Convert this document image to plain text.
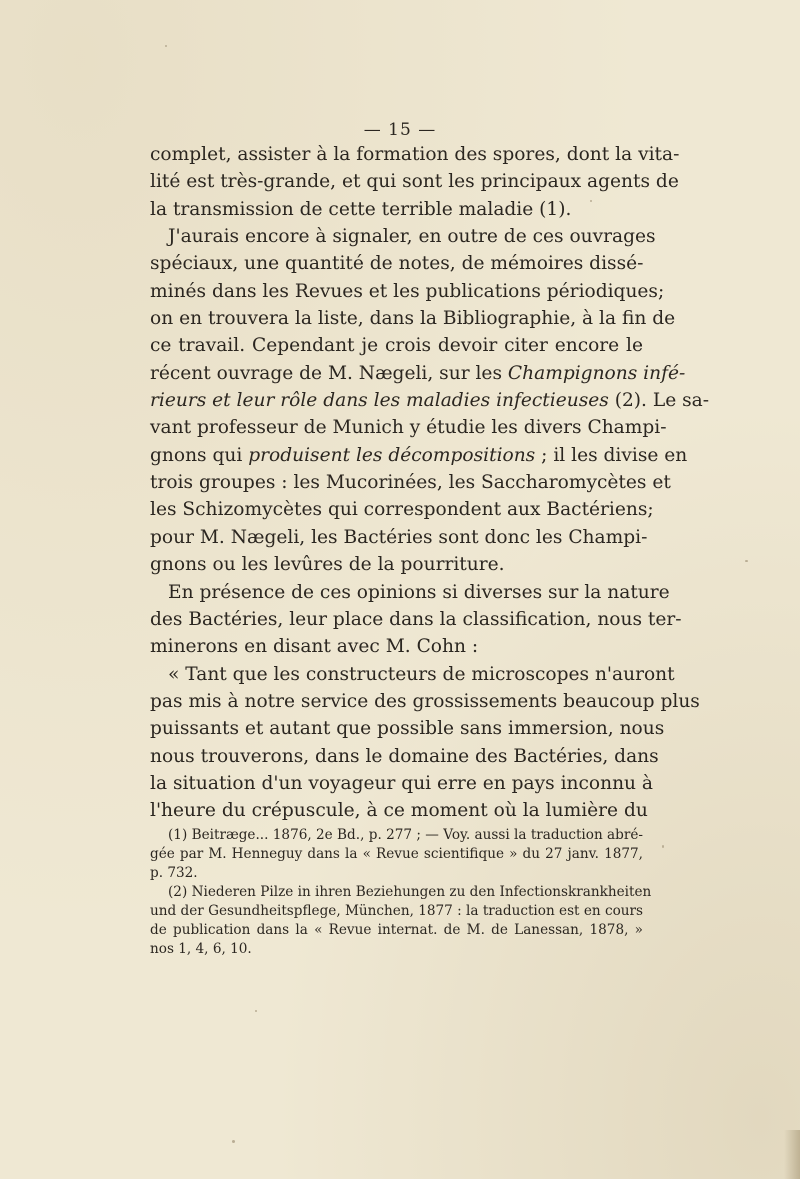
— 15 —
complet, assister à la formation des spores, dont la vita-
lité est très-grande, et qui sont les principaux agents de
la transmission de cette terrible maladie (1).
J'aurais encore à signaler, en outre de ces ouvrages
spéciaux, une quantité de notes, de mémoires dissé-
minés dans les Revues et les publications périodiques;
on en trouvera la liste, dans la Bibliographie, à la fin de
ce travail. Cependant je crois devoir citer encore le
récent ouvrage de M. Nægeli, sur les Champignons infé-
rieurs et leur rôle dans les maladies infectieuses (2). Le sa-
vant professeur de Munich y étudie les divers Champi-
gnons qui produisent les décompositions ; il les divise en
trois groupes : les Mucorinées, les Saccharomycètes et
les Schizomycètes qui correspondent aux Bactériens;
pour M. Nægeli, les Bactéries sont donc les Champi-
gnons ou les levûres de la pourriture.
En présence de ces opinions si diverses sur la nature
des Bactéries, leur place dans la classification, nous ter-
minerons en disant avec M. Cohn :
« Tant que les constructeurs de microscopes n'auront
pas mis à notre service des grossissements beaucoup plus
puissants et autant que possible sans immersion, nous
nous trouverons, dans le domaine des Bactéries, dans
la situation d'un voyageur qui erre en pays inconnu à
l'heure du crépuscule, à ce moment où la lumière du
(1) Beitræge... 1876, 2e Bd., p. 277 ; — Voy. aussi la traduction abré-
gée par M. Henneguy dans la « Revue scientifique » du 27 janv. 1877,
p. 732.
(2) Niederen Pilze in ihren Beziehungen zu den Infectionskrankheiten
und der Gesundheitspflege, München, 1877 : la traduction est en cours
de publication dans la « Revue internat. de M. de Lanessan, 1878, »
nos 1, 4, 6, 10.
